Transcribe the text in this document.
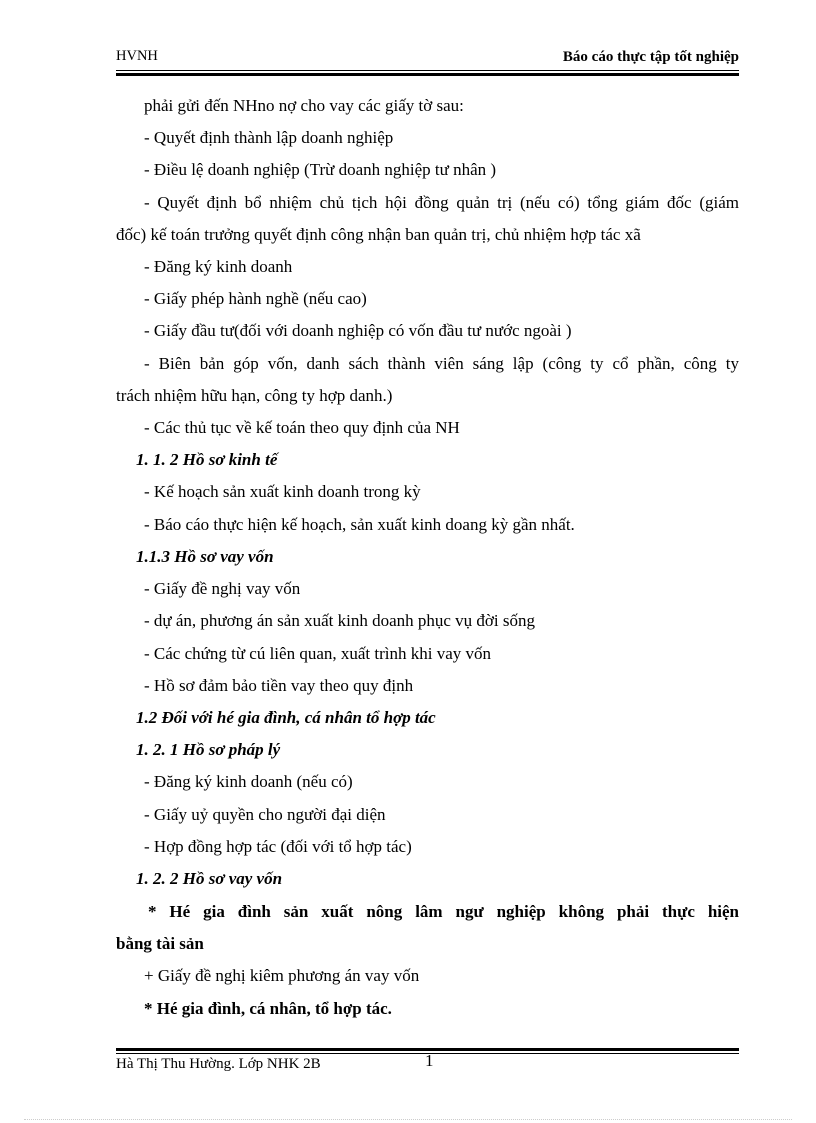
HVNH	Báo cáo thực tập tốt nghiệp
phải gửi đến NHno nợ cho vay các giấy tờ sau:
- Quyết định thành lập doanh nghiệp
- Điều lệ doanh nghiệp (Trừ doanh nghiệp tư nhân )
- Quyết định bổ nhiệm chủ tịch hội đồng quản trị (nếu có) tổng giám đốc (giám
đốc) kế toán trưởng quyết định công nhận ban quản trị, chủ nhiệm hợp tác xã
- Đăng ký kinh doanh
- Giấy phép hành nghề (nếu cao)
- Giấy đầu tư(đối với doanh nghiệp có vốn đầu tư nước ngoài )
- Biên bản góp vốn, danh sách thành viên sáng lập (công ty cổ phần, công ty
trách nhiệm hữu hạn, công ty hợp danh.)
- Các thủ tục về kế toán theo quy định của NH
1. 1. 2 Hồ sơ kinh tế
- Kế hoạch sản xuất kinh doanh trong kỳ
- Báo cáo thực hiện kế hoạch, sản xuất kinh doang kỳ gần nhất.
1.1.3 Hồ sơ vay vốn
- Giấy đề nghị vay vốn
- dự án, phương án sản xuất kinh doanh phục vụ đời sống
- Các chứng từ cú liên quan, xuất trình khi vay vốn
- Hồ sơ đảm bảo tiền vay theo quy định
1.2 Đối với hé gia đình, cá nhân tổ hợp tác
1. 2. 1 Hồ sơ pháp lý
- Đăng ký kinh doanh (nếu có)
- Giấy uỷ quyền cho người đại diện
- Hợp đồng hợp tác (đối với tổ hợp tác)
1. 2. 2 Hồ sơ vay vốn
* Hé gia đình sản xuất nông lâm ngư nghiệp không phải thực hiện
bằng tài sản
+ Giấy đề nghị kiêm phương án vay vốn
* Hé gia đình, cá nhân, tổ hợp tác.
Hà Thị Thu Hường. Lớp NHK 2B	1
